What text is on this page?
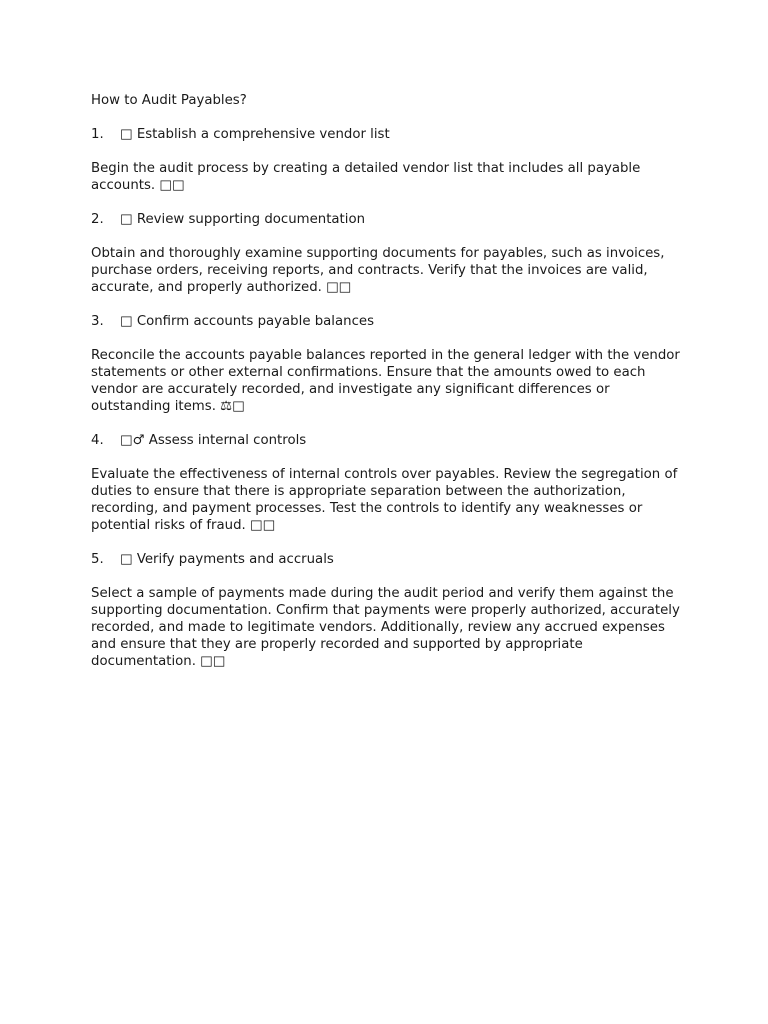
How to Audit Payables?

1.	□
Establish a comprehensive vendor list

Begin the audit process by creating a detailed vendor list that includes all payable accounts. □□

2.	□
Review supporting documentation

Obtain and thoroughly examine supporting documents for payables, such as invoices, purchase orders, receiving reports, and contracts. Verify that the invoices are valid, accurate, and properly authorized. □□

3.	□
Confirm accounts payable balances

Reconcile the accounts payable balances reported in the general ledger with the vendor statements or other external confirmations. Ensure that the amounts owed to each vendor are accurately recorded, and investigate any significant differences or outstanding items. ⚖□

4.	□♂
Assess internal controls

Evaluate the effectiveness of internal controls over payables. Review the segregation of duties to ensure that there is appropriate separation between the authorization, recording, and payment processes. Test the controls to identify any weaknesses or potential risks of fraud. □□

5.	□
Verify payments and accruals

Select a sample of payments made during the audit period and verify them against the supporting documentation. Confirm that payments were properly authorized, accurately recorded, and made to legitimate vendors. Additionally, review any accrued expenses and ensure that they are properly recorded and supported by appropriate documentation. □□
